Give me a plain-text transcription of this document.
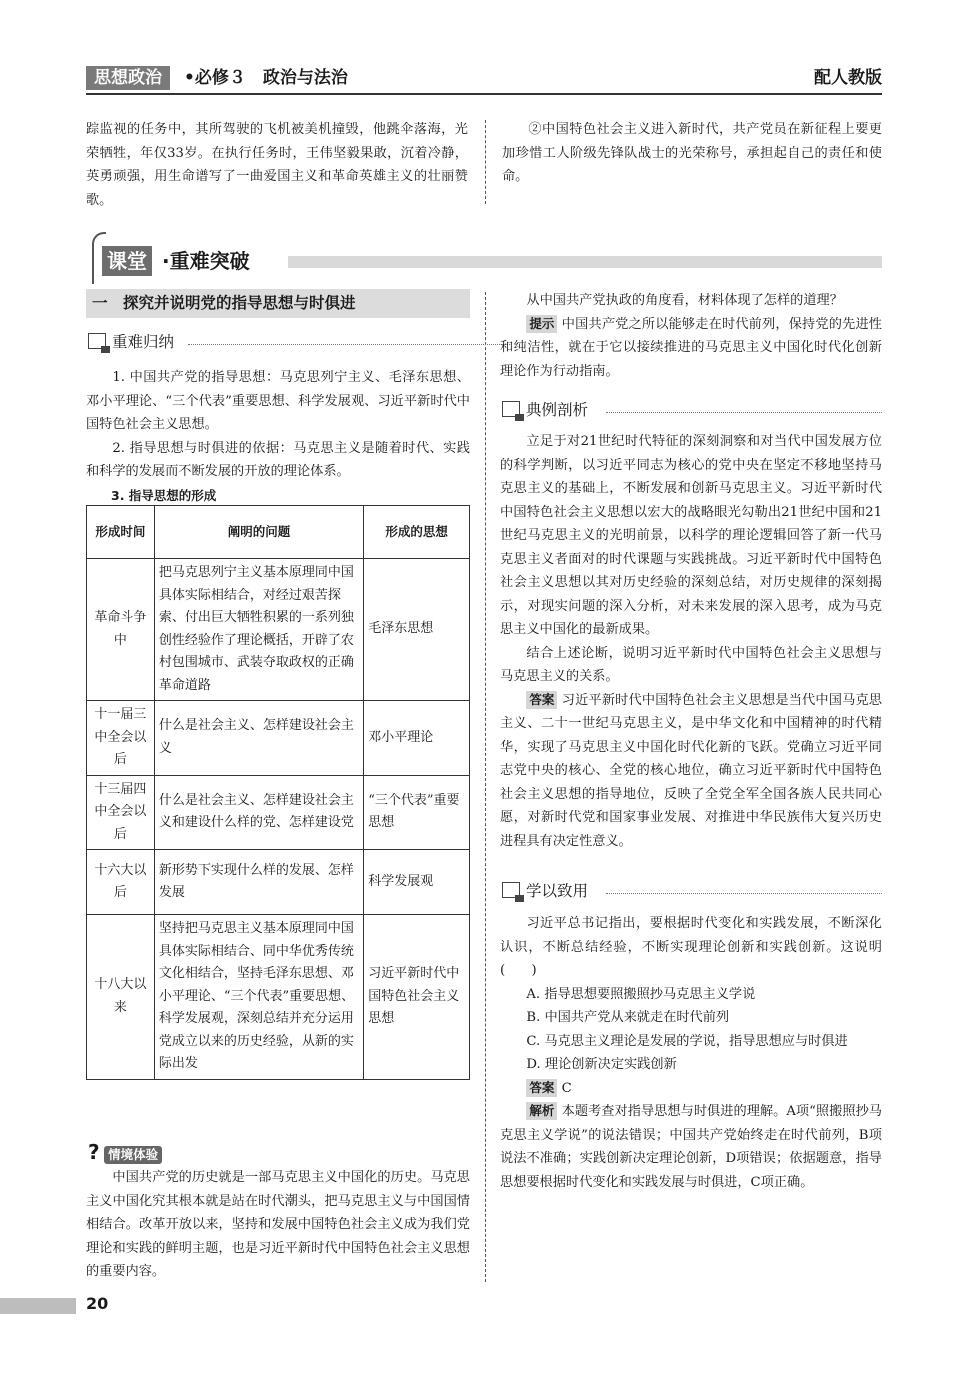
思想政治	•必修３　政治与法治	配人教版

踪监视的任务中，其所驾驶的飞机被美机撞毁，他跳伞落海，光荣牺牲，年仅33岁。在执行任务时，王伟坚毅果敢，沉着冷静，英勇顽强，用生命谱写了一曲爱国主义和革命英雄主义的壮丽赞歌。

②中国特色社会主义进入新时代，共产党员在新征程上要更加珍惜工人阶级先锋队战士的光荣称号，承担起自己的责任和使命。

课堂 ·重难突破
一　探究并说明党的指导思想与时俱进
重难归纳

1. 中国共产党的指导思想：马克思列宁主义、毛泽东思想、邓小平理论、“三个代表”重要思想、科学发展观、习近平新时代中国特色社会主义思想。

2. 指导思想与时俱进的依据：马克思主义是随着时代、实践和科学的发展而不断发展的开放的理论体系。

3. 指导思想的形成

形成时间	阐明的问题	形成的思想
革命斗争中	把马克思列宁主义基本原理同中国具体实际相结合，对经过艰苦探索、付出巨大牺牲积累的一系列独创性经验作了理论概括，开辟了农村包围城市、武装夺取政权的正确革命道路	毛泽东思想
十一届三中全会以后	什么是社会主义、怎样建设社会主义	邓小平理论
十三届四中全会以后	什么是社会主义、怎样建设社会主义和建设什么样的党、怎样建设党	“三个代表”重要思想
十六大以后	新形势下实现什么样的发展、怎样发展	科学发展观
十八大以来	坚持把马克思主义基本原理同中国具体实际相结合、同中华优秀传统文化相结合，坚持毛泽东思想、邓小平理论、“三个代表”重要思想、科学发展观，深刻总结并充分运用党成立以来的历史经验，从新的实际出发	习近平新时代中国特色社会主义思想
? 情境体验

中国共产党的历史就是一部马克思主义中国化的历史。马克思主义中国化究其根本就是站在时代潮头，把马克思主义与中国国情相结合。改革开放以来，坚持和发展中国特色社会主义成为我们党理论和实践的鲜明主题，也是习近平新时代中国特色社会主义思想的重要内容。

从中国共产党执政的角度看，材料体现了怎样的道理？

提示 中国共产党之所以能够走在时代前列，保持党的先进性和纯洁性，就在于它以接续推进的马克思主义中国化时代化创新理论作为行动指南。

典例剖析

立足于对21世纪时代特征的深刻洞察和对当代中国发展方位的科学判断，以习近平同志为核心的党中央在坚定不移地坚持马克思主义的基础上，不断发展和创新马克思主义。习近平新时代中国特色社会主义思想以宏大的战略眼光勾勒出21世纪中国和21世纪马克思主义的光明前景，以科学的理论逻辑回答了新一代马克思主义者面对的时代课题与实践挑战。习近平新时代中国特色社会主义思想以其对历史经验的深刻总结，对历史规律的深刻揭示，对现实问题的深入分析，对未来发展的深入思考，成为马克思主义中国化的最新成果。

结合上述论断，说明习近平新时代中国特色社会主义思想与马克思主义的关系。

答案 习近平新时代中国特色社会主义思想是当代中国马克思主义、二十一世纪马克思主义，是中华文化和中国精神的时代精华，实现了马克思主义中国化时代化新的飞跃。党确立习近平同志党中央的核心、全党的核心地位，确立习近平新时代中国特色社会主义思想的指导地位，反映了全党全军全国各族人民共同心愿，对新时代党和国家事业发展、对推进中华民族伟大复兴历史进程具有决定性意义。

学以致用

习近平总书记指出，要根据时代变化和实践发展，不断深化认识，不断总结经验，不断实现理论创新和实践创新。这说明(　　)

A. 指导思想要照搬照抄马克思主义学说

B. 中国共产党从来就走在时代前列

C. 马克思主义理论是发展的学说，指导思想应与时俱进

D. 理论创新决定实践创新

答案 C

解析 本题考查对指导思想与时俱进的理解。A项“照搬照抄马克思主义学说”的说法错误；中国共产党始终走在时代前列，B项说法不准确；实践创新决定理论创新，D项错误；依据题意，指导思想要根据时代变化和实践发展与时俱进，C项正确。

20
